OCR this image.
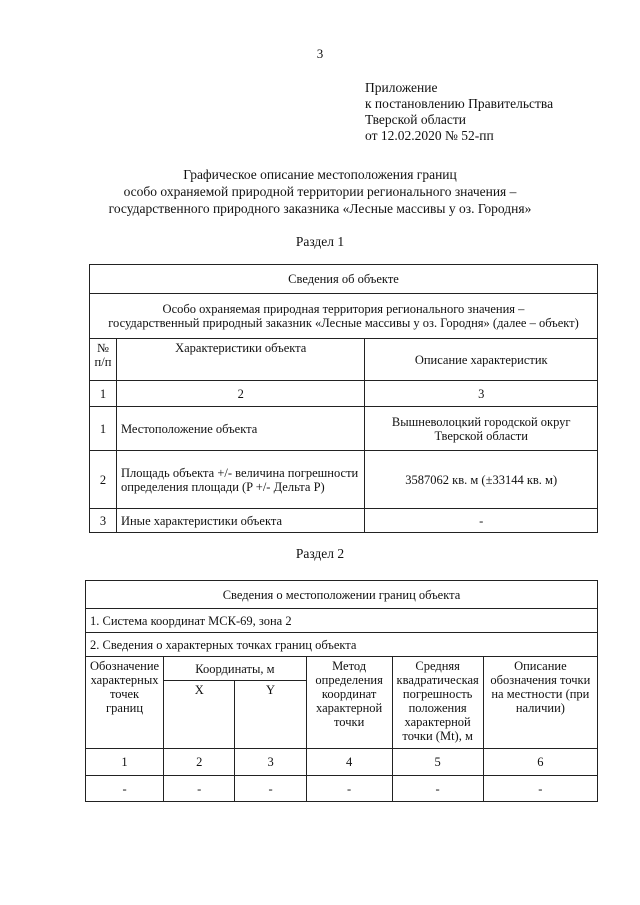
3
Приложение
к постановлению Правительства
Тверской области
от 12.02.2020 № 52-пп
Графическое описание местоположения границ
особо охраняемой природной территории регионального значения –
государственного природного заказника «Лесные массивы у оз. Городня»
Раздел 1
Сведения об объекте		

Особо охраняемая природная территория регионального значения –
государственный природный заказник «Лесные массивы у оз. Городня» (далее – объект)		

№ п/п	Характеристики объекта	Описание характеристик
1	2	3
1	Местоположение объекта	Вышневолоцкий городской округ Тверской области
2	Площадь объекта +/- величина погрешности определения площади (P +/- Дельта P)	3587062 кв. м (±33144 кв. м)
3	Иные характеристики объекта	-
Раздел 2
Сведения о местоположении границ объекта					
1. Система координат МСК-69, зона 2					
2. Сведения о характерных точках границ объекта					
Обозначение характерных точек границ	Координаты, м		Метод определения координат характерной точки	Средняя квадратическая погрешность положения характерной точки (Mt), м	Описание обозначения точки на местности (при наличии)
	X	Y			
1	2	3	4	5	6
-	-	-	-	-	-
